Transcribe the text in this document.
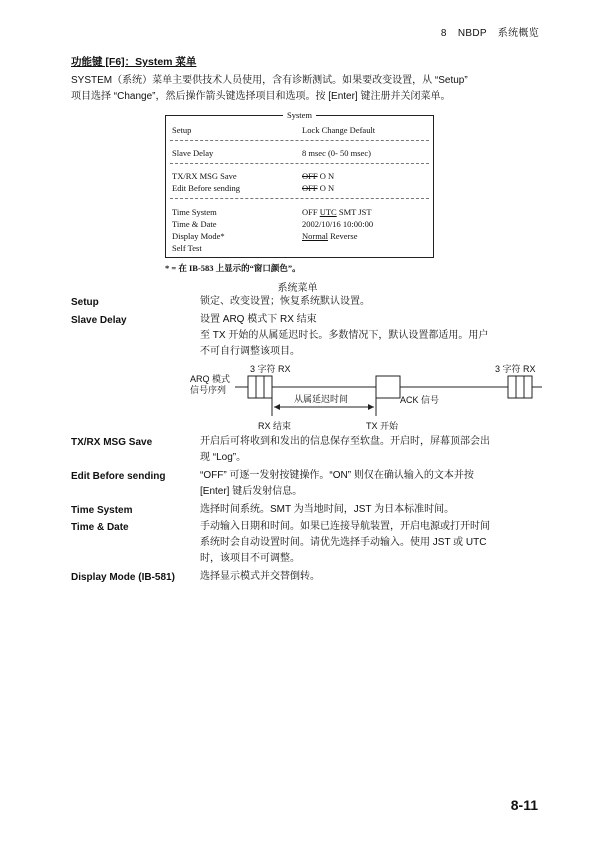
8 NBDP 系统概览
功能键 [F6]：System 菜单
SYSTEM（系统）菜单主要供技术人员使用，含有诊断测试。如果要改变设置，从 “Setup”
项目选择 “Change”，然后操作箭头键选择项目和选项。按 [Enter] 键注册并关闭菜单。
System
Setup	Lock Change Default
Slave Delay	8 msec (0- 50 msec)
TX/RX MSG Save	OFF O N
Edit Before sending	OFF O N
Time System	OFF UTC SMT JST
Time & Date	2002/10/16 10:00:00
Display Mode*	Normal Reverse
Self Test
* = 在 IB-583 上显示的“窗口颜色”。
系统菜单
Setup	锁定、改变设置；恢复系统默认设置。
Slave Delay	设置 ARQ 模式下 RX 结束
至 TX 开始的从属延迟时长。多数情况下，默认设置都适用。用户
不可自行调整该项目。
3 字符 RX	3 字符 RX
ARQ 模式
信号序列
从属延迟时间	ACK 信号
RX 结束	TX 开始
TX/RX MSG Save	开启后可将收到和发出的信息保存至软盘。开启时，屏幕顶部会出
现 “Log”。
Edit Before sending	“OFF” 可逐一发射按键操作。“ON” 则仅在确认输入的文本并按
[Enter] 键后发射信息。
Time System	选择时间系统。SMT 为当地时间，JST 为日本标准时间。
Time & Date	手动输入日期和时间。如果已连接导航装置，开启电源或打开时间
系统时会自动设置时间。请优先选择手动输入。使用 JST 或 UTC
时，该项目不可调整。
Display Mode (IB-581)	选择显示模式并交替倒转。
8-11
